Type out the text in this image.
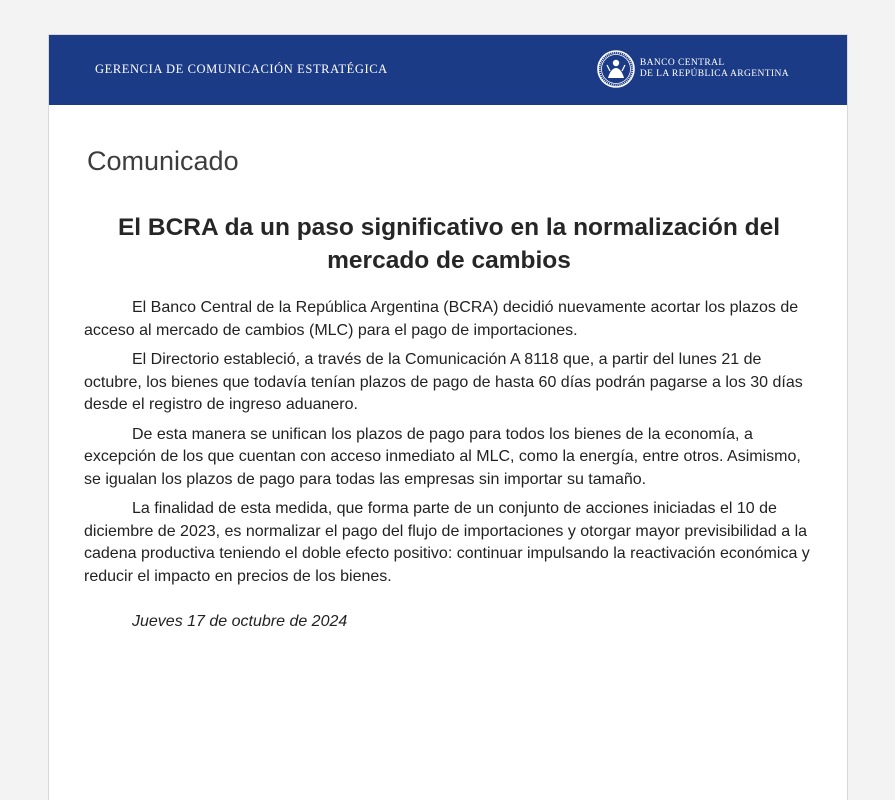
GERENCIA DE COMUNICACIÓN ESTRATÉGICA	BANCO CENTRAL
DE LA REPÚBLICA ARGENTINA
Comunicado
El BCRA da un paso significativo en la normalización del mercado de cambios

El Banco Central de la República Argentina (BCRA) decidió nuevamente acortar los plazos de acceso al mercado de cambios (MLC) para el pago de importaciones.

El Directorio estableció, a través de la Comunicación A 8118 que, a partir del lunes 21 de octubre, los bienes que todavía tenían plazos de pago de hasta 60 días podrán pagarse a los 30 días desde el registro de ingreso aduanero.

De esta manera se unifican los plazos de pago para todos los bienes de la economía, a excepción de los que cuentan con acceso inmediato al MLC, como la energía, entre otros. Asimismo, se igualan los plazos de pago para todas las empresas sin importar su tamaño.

La finalidad de esta medida, que forma parte de un conjunto de acciones iniciadas el 10 de diciembre de 2023, es normalizar el pago del flujo de importaciones y otorgar mayor previsibilidad a la cadena productiva teniendo el doble efecto positivo: continuar impulsando la reactivación económica y reducir el impacto en precios de los bienes.

Jueves 17 de octubre de 2024
